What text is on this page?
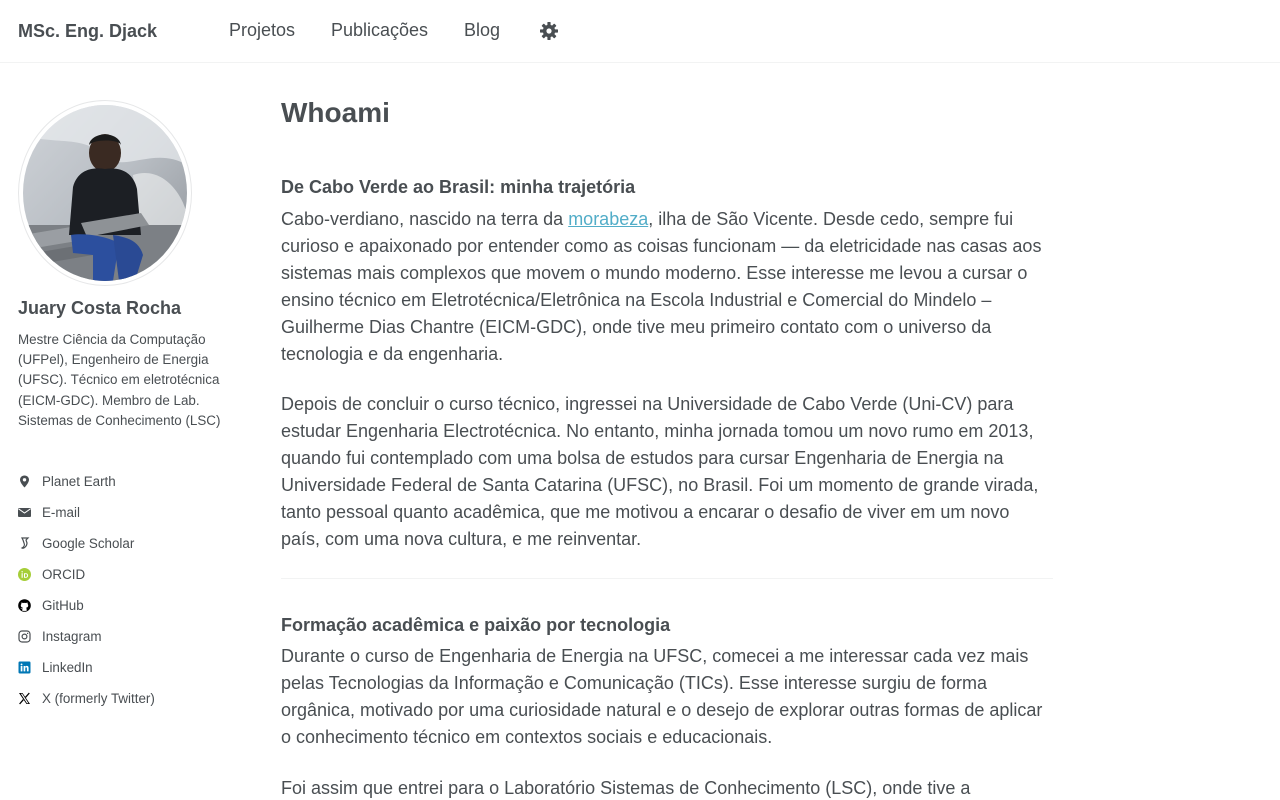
MSc. Eng. Djack	Projetos Publicações Blog
Juary Costa Rocha
Mestre Ciência da Computação (UFPel), Engenheiro de Energia (UFSC). Técnico em eletrotécnica (EICM-GDC). Membro de Lab. Sistemas de Conhecimento (LSC)
Planet Earth
E-mail
Google Scholar
ORCID
GitHub
Instagram
LinkedIn
X (formerly Twitter)
Whoami
De Cabo Verde ao Brasil: minha trajetória

Cabo-verdiano, nascido na terra da morabeza, ilha de São Vicente. Desde cedo, sempre fui curioso e apaixonado por entender como as coisas funcionam — da eletricidade nas casas aos sistemas mais complexos que movem o mundo moderno. Esse interesse me levou a cursar o ensino técnico em Eletrotécnica/Eletrônica na Escola Industrial e Comercial do Mindelo – Guilherme Dias Chantre (EICM-GDC), onde tive meu primeiro contato com o universo da tecnologia e da engenharia.

Depois de concluir o curso técnico, ingressei na Universidade de Cabo Verde (Uni-CV) para estudar Engenharia Electrotécnica. No entanto, minha jornada tomou um novo rumo em 2013, quando fui contemplado com uma bolsa de estudos para cursar Engenharia de Energia na Universidade Federal de Santa Catarina (UFSC), no Brasil. Foi um momento de grande virada, tanto pessoal quanto acadêmica, que me motivou a encarar o desafio de viver em um novo país, com uma nova cultura, e me reinventar.

Formação acadêmica e paixão por tecnologia

Durante o curso de Engenharia de Energia na UFSC, comecei a me interessar cada vez mais pelas Tecnologias da Informação e Comunicação (TICs). Esse interesse surgiu de forma orgânica, motivado por uma curiosidade natural e o desejo de explorar outras formas de aplicar o conhecimento técnico em contextos sociais e educacionais.

Foi assim que entrei para o Laboratório Sistemas de Conhecimento (LSC), onde tive a
